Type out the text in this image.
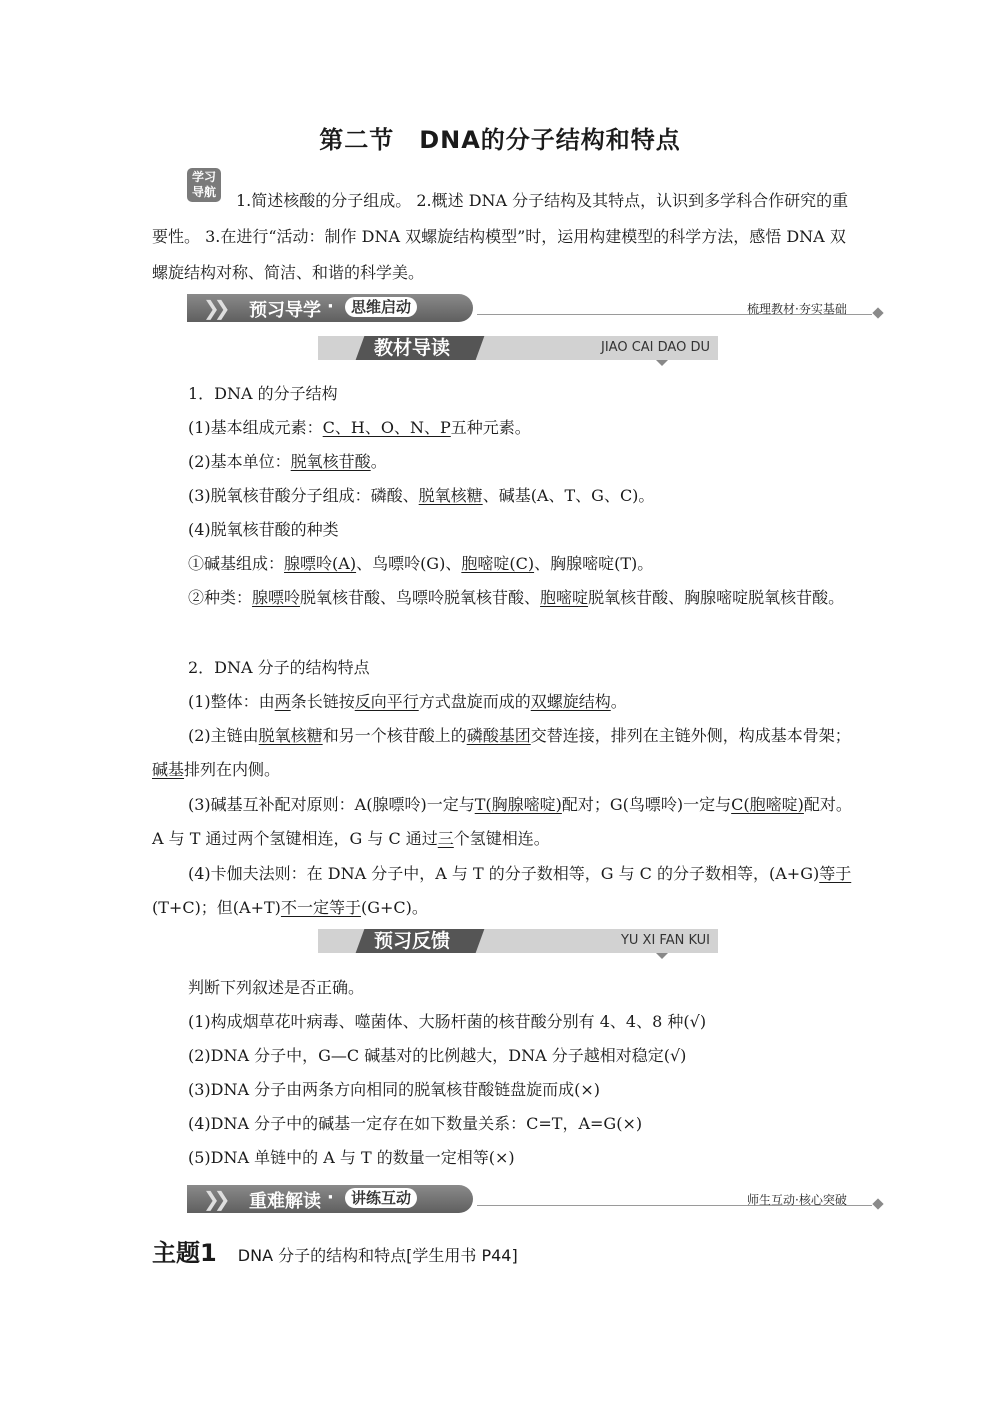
第二节　DNA的分子结构和特点
学习
导航	1.简述核酸的分子组成。 2.概述 DNA 分子结构及其特点，认识到多学科合作研究的重要性。 3.在进行“活动：制作 DNA 双螺旋结构模型”时，运用构建模型的科学方法，感悟 DNA 双螺旋结构对称、简洁、和谐的科学美。
❯❯ 预习导学 ·	思维启动	梳理教材·夯实基础
教材导读	JIAO CAI DAO DU
1．DNA 的分子结构
(1)基本组成元素：C、H、O、N、P五种元素。
(2)基本单位：脱氧核苷酸。
(3)脱氧核苷酸分子组成：磷酸、脱氧核糖、碱基(A、T、G、C)。
(4)脱氧核苷酸的种类
①碱基组成：腺嘌呤(A)、鸟嘌呤(G)、胞嘧啶(C)、胸腺嘧啶(T)。
②种类：腺嘌呤脱氧核苷酸、鸟嘌呤脱氧核苷酸、胞嘧啶脱氧核苷酸、胸腺嘧啶脱氧核苷酸。
2．DNA 分子的结构特点
(1)整体：由两条长链按反向平行方式盘旋而成的双螺旋结构。
(2)主链由脱氧核糖和另一个核苷酸上的磷酸基团交替连接，排列在主链外侧，构成基本骨架；碱基排列在内侧。
(3)碱基互补配对原则：A(腺嘌呤)一定与T(胸腺嘧啶)配对；G(鸟嘌呤)一定与C(胞嘧啶)配对。A 与 T 通过两个氢键相连，G 与 C 通过三个氢键相连。
(4)卡伽夫法则：在 DNA 分子中，A 与 T 的分子数相等，G 与 C 的分子数相等，(A+G)等于(T+C)；但(A+T)不一定等于(G+C)。
预习反馈	YU XI FAN KUI
判断下列叙述是否正确。
(1)构成烟草花叶病毒、噬菌体、大肠杆菌的核苷酸分别有 4、4、8 种(√)
(2)DNA 分子中，G—C 碱基对的比例越大，DNA 分子越相对稳定(√)
(3)DNA 分子由两条方向相同的脱氧核苷酸链盘旋而成(×)
(4)DNA 分子中的碱基一定存在如下数量关系：C=T，A=G(×)
(5)DNA 单链中的 A 与 T 的数量一定相等(×)
❯❯ 重难解读 ·	讲练互动	师生互动·核心突破
主题1 DNA 分子的结构和特点[学生用书 P44]
